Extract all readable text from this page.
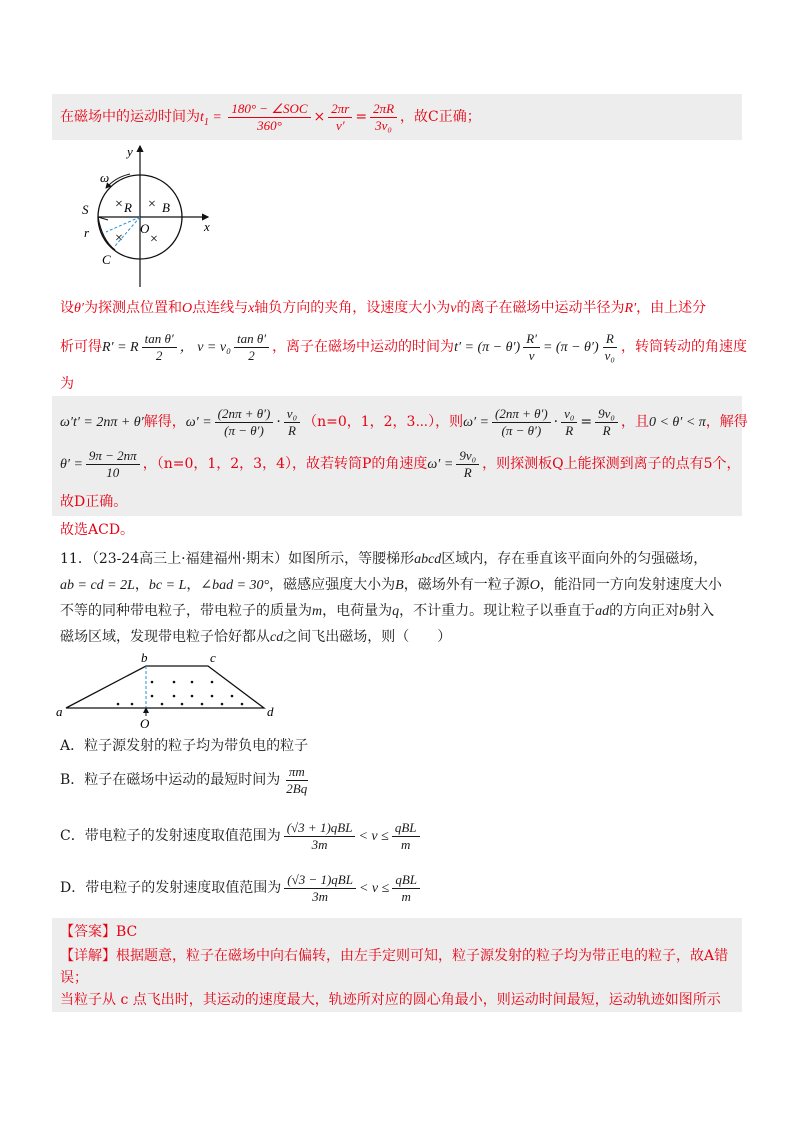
在磁场中的运动时间为$t_1 = \frac{\text{180° − ∠SOC}}{360^\circ} \times \frac{2\pi r}{v'} = \frac{2\pi R}{\text{3v₀}}$ ，故C正确；
y
x
ω
S × R × B
O
×
×
r
C
设θ′为探测点位置和O点连线与x轴负方向的夹角，设速度大小为v的离子在磁场中运动半径为R′，由上述分
析可得R′ = R $\frac{\text{tan θ′}}{2}$ ， $v = v_0 \frac{\text{tan θ′}}{2}$ ，离子在磁场中运动的时间为$t' = (\pi - \theta') \frac{R'}{v} = (\pi - \theta') \frac{R}{\text{v₀}}$ ，转筒转动的角速度
为
ω′t′ = 2nπ + θ′解得，$\omega' = \frac{(2n\pi + \theta')}{(\pi - \theta')} \cdot \frac{\text{v₀}}{R} (n=0$，1，2，3⋯），则$\omega' = \frac{(2n\pi + \theta')}{(\pi - \theta')} \cdot \frac{\text{v₀}}{R} = \frac{\text{9v₀}}{R}$ ，且0 < θ′ < π，解得
$\theta' = \frac{9\pi - 2n\pi}{10}$ ，（n=0，1，2，3，4），故若转筒P的角速度$\omega' = \frac{\text{9v₀}}{R}$ ，则探测板Q上能探测到离子的点有5个，
故D正确。
故选ACD。
11．（23-24高三上·福建福州·期末）如图所示，等腰梯形abcd区域内，存在垂直该平面向外的匀强磁场，
ab = cd = 2L，bc = L，∠bad = 30°，磁感应强度大小为B，磁场外有一粒子源O，能沿同一方向发射速度大小
不等的同种带电粒子，带电粒子的质量为m，电荷量为q，不计重力。现让粒子以垂直于ad的方向正对b射入
磁场区域，发现带电粒子恰好都从cd之间飞出磁场，则（　　）
a
b	c
d
O
A．粒子源发射的粒子均为带负电的粒子
B．粒子在磁场中运动的最短时间为 $\frac{\pi m}{2Bq}$
C．带电粒子的发射速度取值范围为 $\frac{\text{(√3 + 1)qBL}}{3m} < v \le \frac{\text{qBL}}{m}$
D．带电粒子的发射速度取值范围为 $\frac{\text{(√3 − 1)qBL}}{3m} < v \le \frac{\text{qBL}}{m}$
【答案】BC
【详解】根据题意，粒子在磁场中向右偏转，由左手定则可知，粒子源发射的粒子均为带正电的粒子，故A错
误；
当粒子从 c 点飞出时，其运动的速度最大，轨迹所对应的圆心角最小，则运动时间最短，运动轨迹如图所示
